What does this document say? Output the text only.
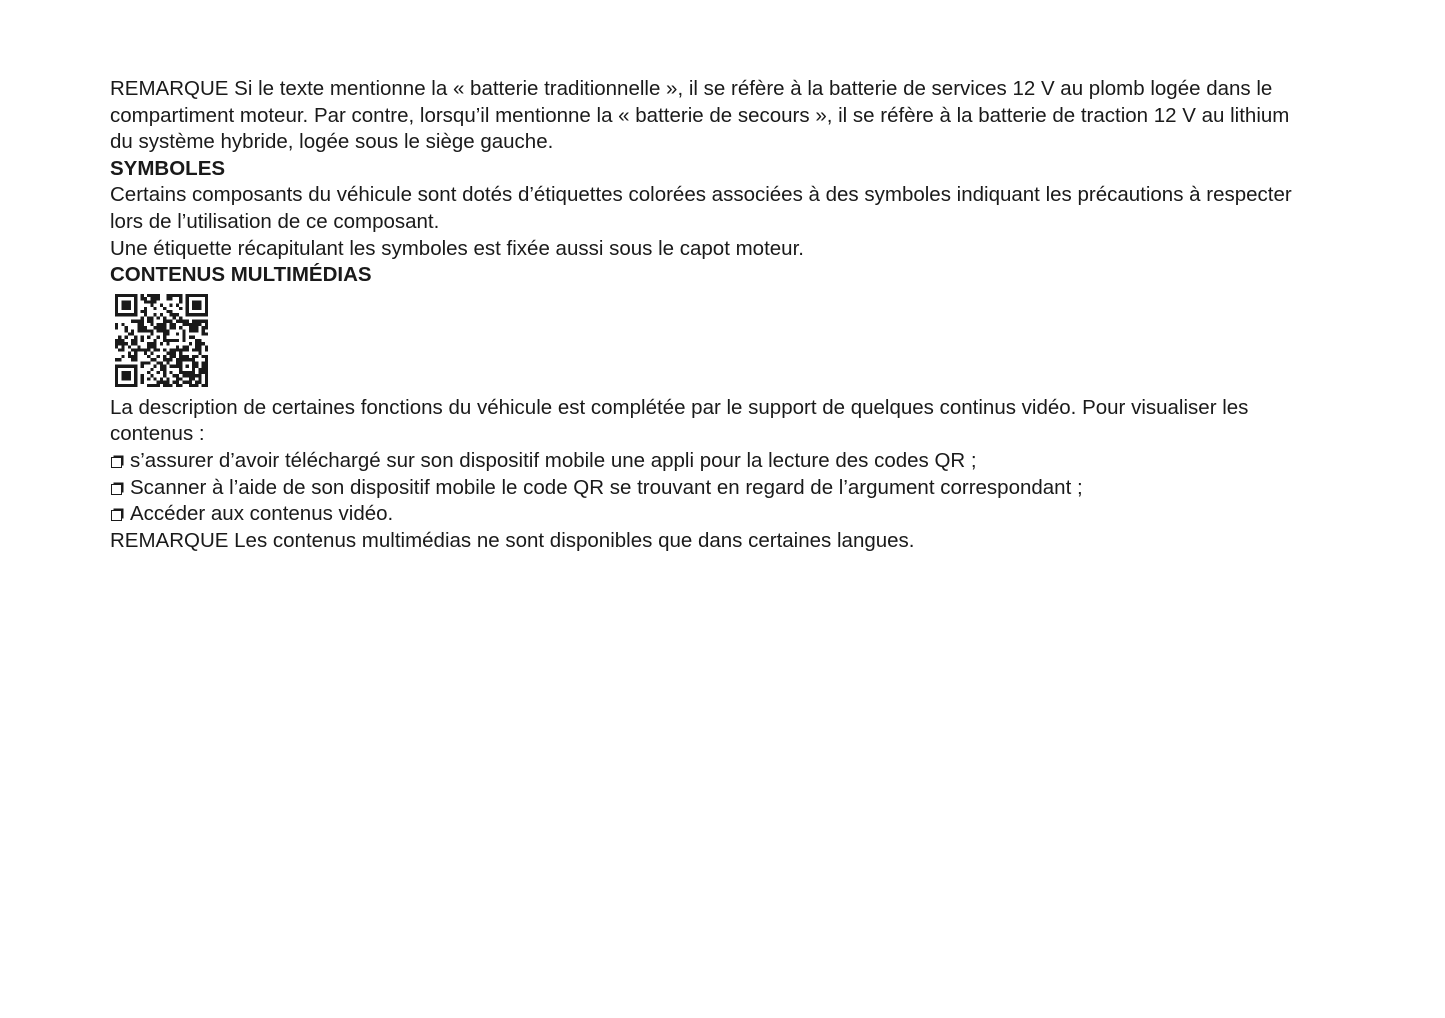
REMARQUE Si le texte mentionne la « batterie traditionnelle », il se réfère à la batterie de services 12 V au plomb logée dans le compartiment moteur. Par contre, lorsqu’il mentionne la « batterie de secours », il se réfère à la batterie de traction 12 V au lithium du système hybride, logée sous le siège gauche.

SYMBOLES

Certains composants du véhicule sont dotés d’étiquettes colorées associées à des symboles indiquant les précautions à respecter lors de l’utilisation de ce composant.

Une étiquette récapitulant les symboles est fixée aussi sous le capot moteur.

CONTENUS MULTIMÉDIAS

La description de certaines fonctions du véhicule est complétée par le support de quelques continus vidéo. Pour visualiser les contenus :

s’assurer d’avoir téléchargé sur son dispositif mobile une appli pour la lecture des codes QR ;
Scanner à l’aide de son dispositif mobile le code QR se trouvant en regard de l’argument correspondant ;
Accéder aux contenus vidéo.

REMARQUE Les contenus multimédias ne sont disponibles que dans certaines langues.
